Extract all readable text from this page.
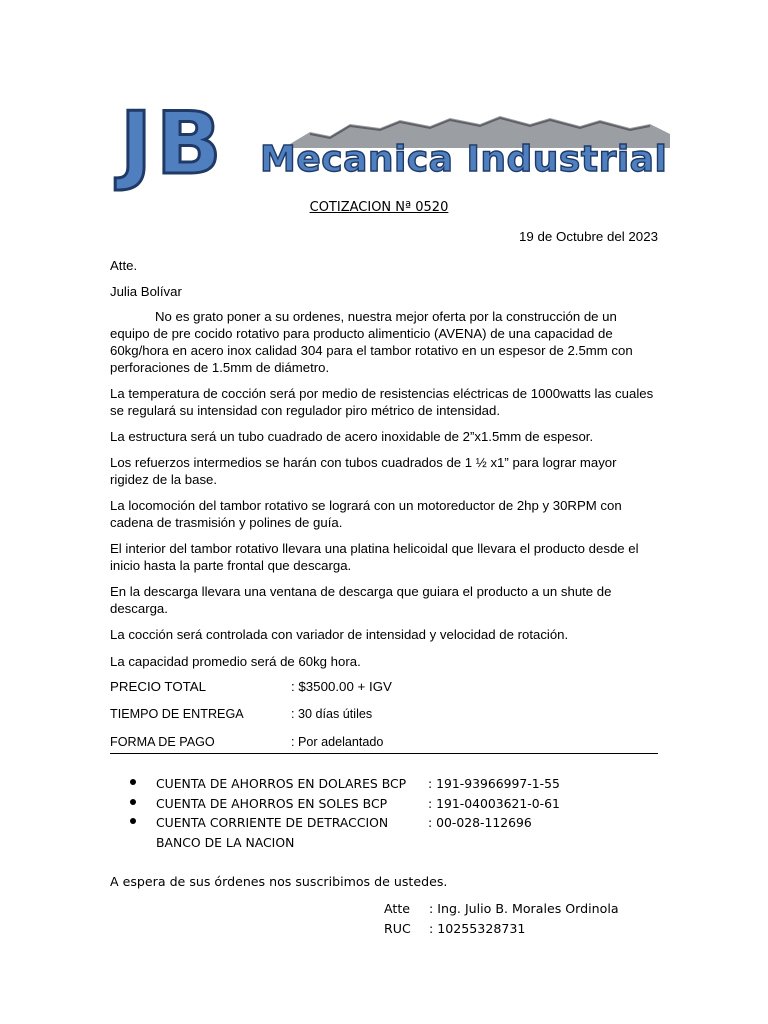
JB Mecanica Industrial
COTIZACION Nª 0520
19 de Octubre del 2023
Atte.
Julia Bolívar
No es grato poner a su ordenes, nuestra mejor oferta por la construcción de un equipo de pre cocido rotativo para producto alimenticio (AVENA) de una capacidad de 60kg/hora en acero inox calidad 304 para el tambor rotativo en un espesor de 2.5mm con perforaciones de 1.5mm de diámetro.
La temperatura de cocción será por medio de resistencias eléctricas de 1000watts las cuales se regulará su intensidad con regulador piro métrico de intensidad.
La estructura será un tubo cuadrado de acero inoxidable de 2”x1.5mm de espesor.
Los refuerzos intermedios se harán con tubos cuadrados de 1 ½ x1” para lograr mayor rigidez de la base.
La locomoción del tambor rotativo se logrará con un motoreductor de 2hp y 30RPM con cadena de trasmisión y polines de guía.
El interior del tambor rotativo llevara una platina helicoidal que llevara el producto desde el inicio hasta la parte frontal que descarga.
En la descarga llevara una ventana de descarga que guiara el producto a un shute de descarga.
La cocción será controlada con variador de intensidad y velocidad de rotación.
La capacidad promedio será de 60kg hora.
PRECIO TOTAL	: $3500.00 + IGV
TIEMPO DE ENTREGA	: 30 días útiles
FORMA DE PAGO	: Por adelantado
CUENTA DE AHORROS EN DOLARES BCP : 191-93966997-1-55
CUENTA DE AHORROS EN SOLES BCP	: 191-04003621-0-61
CUENTA CORRIENTE DE DETRACCION	: 00-028-112696
BANCO DE LA NACION
A espera de sus órdenes nos suscribimos de ustedes.
Atte : Ing. Julio B. Morales Ordinola
RUC : 10255328731
